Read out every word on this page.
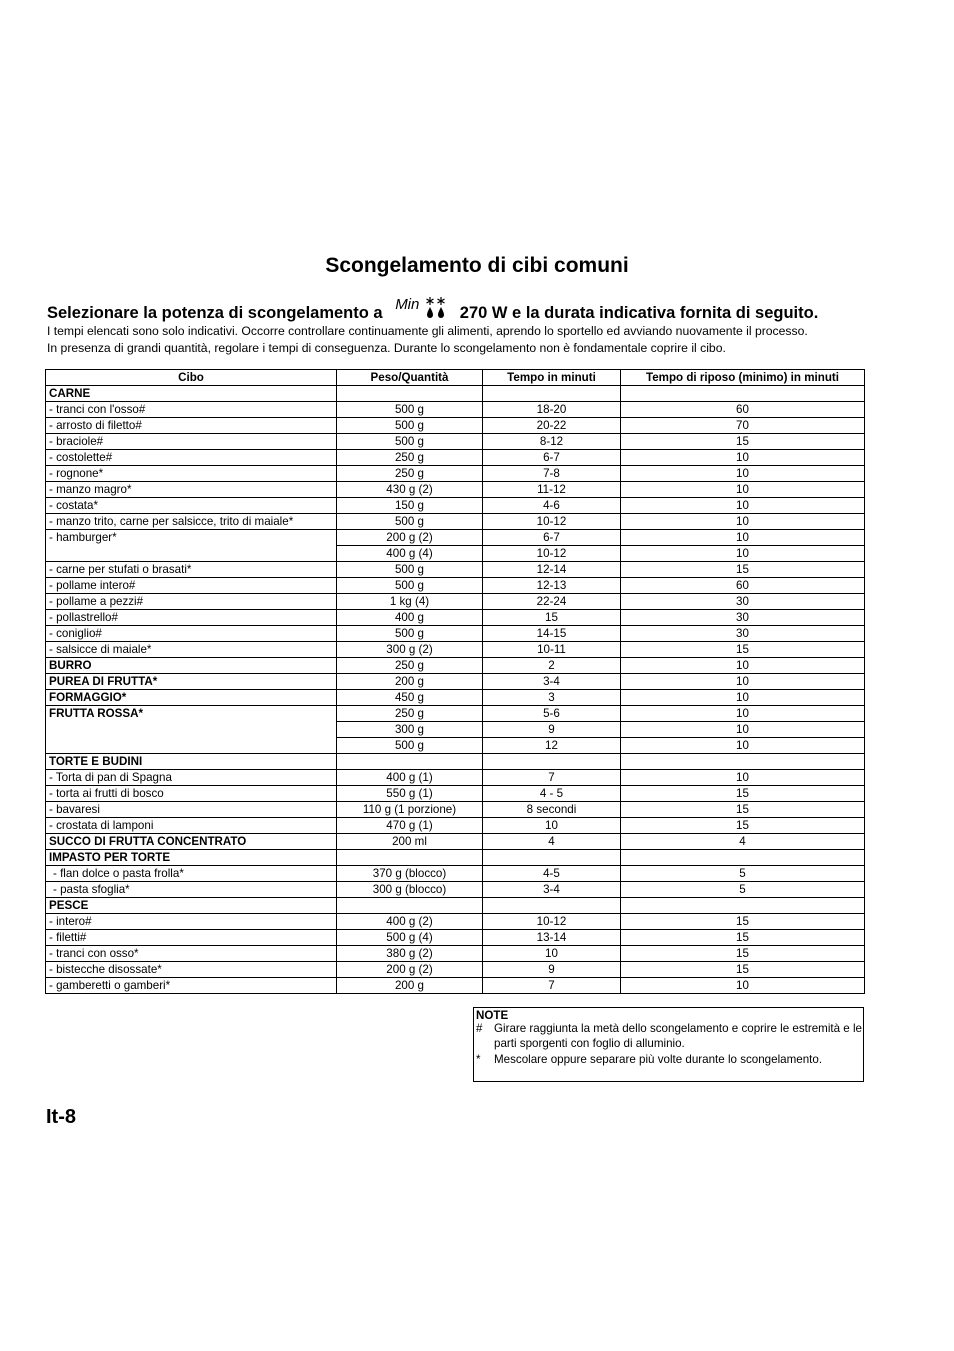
Scongelamento di cibi comuni
Selezionare la potenza di scongelamento a Min 270 W e la durata indicativa fornita di seguito.
I tempi elencati sono solo indicativi. Occorre controllare continuamente gli alimenti, aprendo lo sportello ed avviando nuovamente il processo.
In presenza di grandi quantità, regolare i tempi di conseguenza. Durante lo scongelamento non è fondamentale coprire il cibo.
Cibo	Peso/Quantità	Tempo in minuti	Tempo di riposo (minimo) in minuti
CARNE			
- tranci con l'osso#	500 g	18-20	60
- arrosto di filetto#	500 g	20-22	70
- braciole#	500 g	8-12	15
- costolette#	250 g	6-7	10
- rognone*	250 g	7-8	10
- manzo magro*	430 g (2)	11-12	10
- costata*	150 g	4-6	10
- manzo trito, carne per salsicce, trito di maiale*	500 g	10-12	10
- hamburger*	200 g (2)	6-7	10
	400 g (4)	10-12	10
- carne per stufati o brasati*	500 g	12-14	15
- pollame intero#	500 g	12-13	60
- pollame a pezzi#	1 kg (4)	22-24	30
- pollastrello#	400 g	15	30
- coniglio#	500 g	14-15	30
- salsicce di maiale*	300 g (2)	10-11	15
BURRO	250 g	2	10
PUREA DI FRUTTA*	200 g	3-4	10
FORMAGGIO*	450 g	3	10
FRUTTA ROSSA*	250 g	5-6	10
	300 g	9	10
	500 g	12	10
TORTE E BUDINI			
- Torta di pan di Spagna	400 g (1)	7	10
- torta ai frutti di bosco	550 g (1)	4 - 5	15
- bavaresi	110 g (1 porzione)	8 secondi	15
- crostata di lamponi	470 g (1)	10	15
SUCCO DI FRUTTA CONCENTRATO	200 ml	4	4
IMPASTO PER TORTE			
- flan dolce o pasta frolla*	370 g (blocco)	4-5	5
- pasta sfoglia*	300 g (blocco)	3-4	5
PESCE			
- intero#	400 g (2)	10-12	15
- filetti#	500 g (4)	13-14	15
- tranci con osso*	380 g (2)	10	15
- bistecche disossate*	200 g (2)	9	15
- gamberetti o gamberi*	200 g	7	10
NOTE
# Girare raggiunta la metà dello scongelamento e coprire le estremità e le parti sporgenti con foglio di alluminio.
*	Mescolare oppure separare più volte durante lo scongelamento.
It-8
